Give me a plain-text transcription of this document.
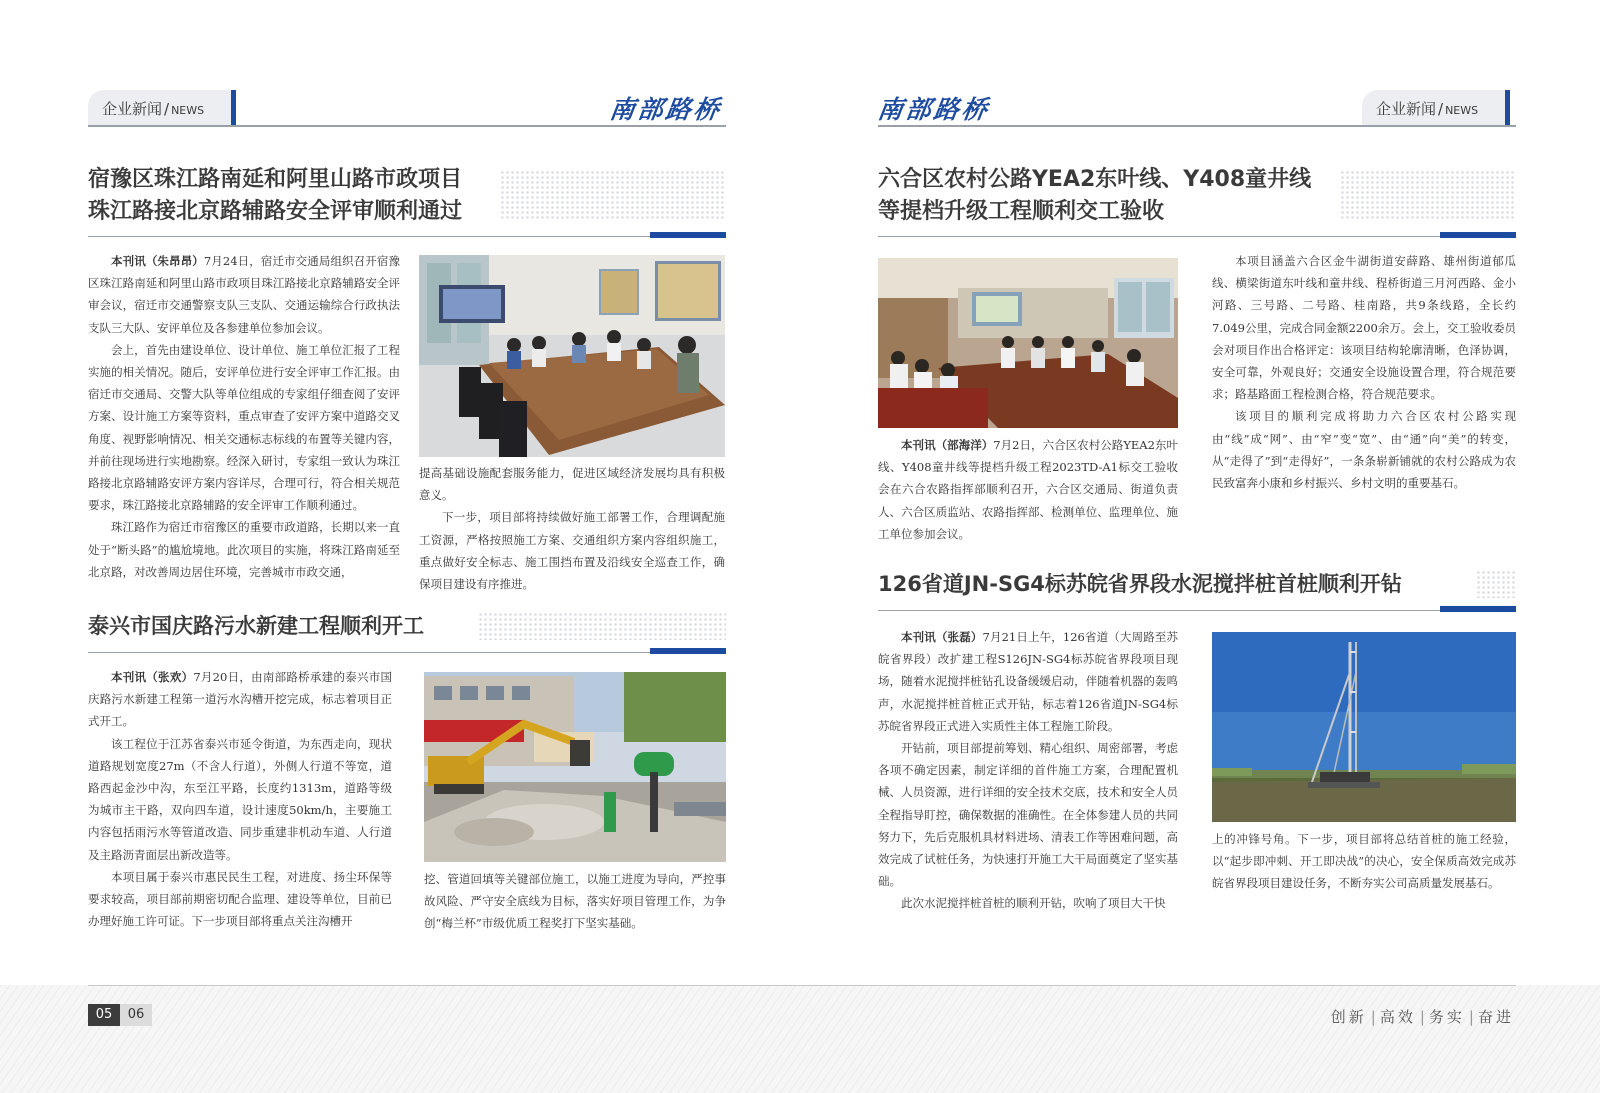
企业新闻 / NEWS	南部路桥
宿豫区珠江路南延和阿里山路市政项目
珠江路接北京路辅路安全评审顺利通过

本刊讯（朱昂昂）7月24日，宿迁市交通局组织召开宿豫区珠江路南延和阿里山路市政项目珠江路接北京路辅路安全评审会议，宿迁市交通警察支队三支队、交通运输综合行政执法支队三大队、安评单位及各参建单位参加会议。

会上，首先由建设单位、设计单位、施工单位汇报了工程实施的相关情况。随后，安评单位进行安全评审工作汇报。由宿迁市交通局、交警大队等单位组成的专家组仔细查阅了安评方案、设计施工方案等资料，重点审查了安评方案中道路交叉角度、视野影响情况、相关交通标志标线的布置等关键内容，并前往现场进行实地勘察。经深入研讨，专家组一致认为珠江路接北京路辅路安评方案内容详尽，合理可行，符合相关规范要求，珠江路接北京路辅路的安全评审工作顺利通过。

珠江路作为宿迁市宿豫区的重要市政道路，长期以来一直处于“断头路”的尴尬境地。此次项目的实施，将珠江路南延至北京路，对改善周边居住环境，完善城市市政交通，

提高基础设施配套服务能力，促进区域经济发展均具有积极意义。

下一步，项目部将持续做好施工部署工作，合理调配施工资源，严格按照施工方案、交通组织方案内容组织施工，重点做好安全标志、施工围挡布置及沿线安全巡查工作，确保项目建设有序推进。

泰兴市国庆路污水新建工程顺利开工

本刊讯（张欢）7月20日，由南部路桥承建的泰兴市国庆路污水新建工程第一道污水沟槽开挖完成，标志着项目正式开工。

该工程位于江苏省泰兴市延令街道，为东西走向，现状道路规划宽度27m（不含人行道），外侧人行道不等宽，道路西起金沙中沟，东至江平路，长度约1313m，道路等级为城市主干路，双向四车道，设计速度50km/h，主要施工内容包括雨污水等管道改造、同步重建非机动车道、人行道及主路沥青面层出新改造等。

本项目属于泰兴市惠民民生工程，对进度、扬尘环保等要求较高，项目部前期密切配合监理、建设等单位，目前已办理好施工许可证。下一步项目部将重点关注沟槽开

挖、管道回填等关键部位施工，以施工进度为导向，严控事故风险、严守安全底线为目标，落实好项目管理工作，为争创“梅兰杯”市级优质工程奖打下坚实基础。

南部路桥	企业新闻 / NEWS
六合区农村公路YEA2东叶线、Y408童井线
等提档升级工程顺利交工验收

本刊讯（部海洋）7月2日，六合区农村公路YEA2东叶线、Y408童井线等提档升级工程2023TD-A1标交工验收会在六合农路指挥部顺利召开，六合区交通局、街道负责人、六合区质监站、农路指挥部、检测单位、监理单位、施工单位参加会议。

本项目涵盖六合区金牛湖街道安薛路、雄州街道郁瓜线、横梁街道东叶线和童井线、程桥街道三月河西路、金小河路、三号路、二号路、桂南路，共9条线路，全长约7.049公里，完成合同金额2200余万。会上，交工验收委员会对项目作出合格评定：该项目结构轮廓清晰，色泽协调，安全可靠，外观良好；交通安全设施设置合理，符合规范要求；路基路面工程检测合格，符合规范要求。

该项目的顺利完成将助力六合区农村公路实现由“线”成“网”、由“窄”变“宽”、由“通”向“美”的转变，从“走得了”到“走得好”，一条条崭新铺就的农村公路成为农民致富奔小康和乡村振兴、乡村文明的重要基石。

126省道JN-SG4标苏皖省界段水泥搅拌桩首桩顺利开钻

本刊讯（张磊）7月21日上午，126省道（大周路至苏皖省界段）改扩建工程S126JN-SG4标苏皖省界段项目现场，随着水泥搅拌桩钻孔设备缓缓启动，伴随着机器的轰鸣声，水泥搅拌桩首桩正式开钻，标志着126省道JN-SG4标苏皖省界段正式进入实质性主体工程施工阶段。

开钻前，项目部提前筹划、精心组织、周密部署，考虑各项不确定因素，制定详细的首件施工方案，合理配置机械、人员资源，进行详细的安全技术交底，技术和安全人员全程指导盯控，确保数据的准确性。在全体参建人员的共同努力下，先后克服机具材料进场、清表工作等困难问题，高效完成了试桩任务，为快速打开施工大干局面奠定了坚实基础。

此次水泥搅拌桩首桩的顺利开钻，吹响了项目大干快

上的冲锋号角。下一步，项目部将总结首桩的施工经验，以“起步即冲刺、开工即决战”的决心，安全保质高效完成苏皖省界段项目建设任务，不断夯实公司高质量发展基石。

05	06	创新 | 高效 | 务实 | 奋进
